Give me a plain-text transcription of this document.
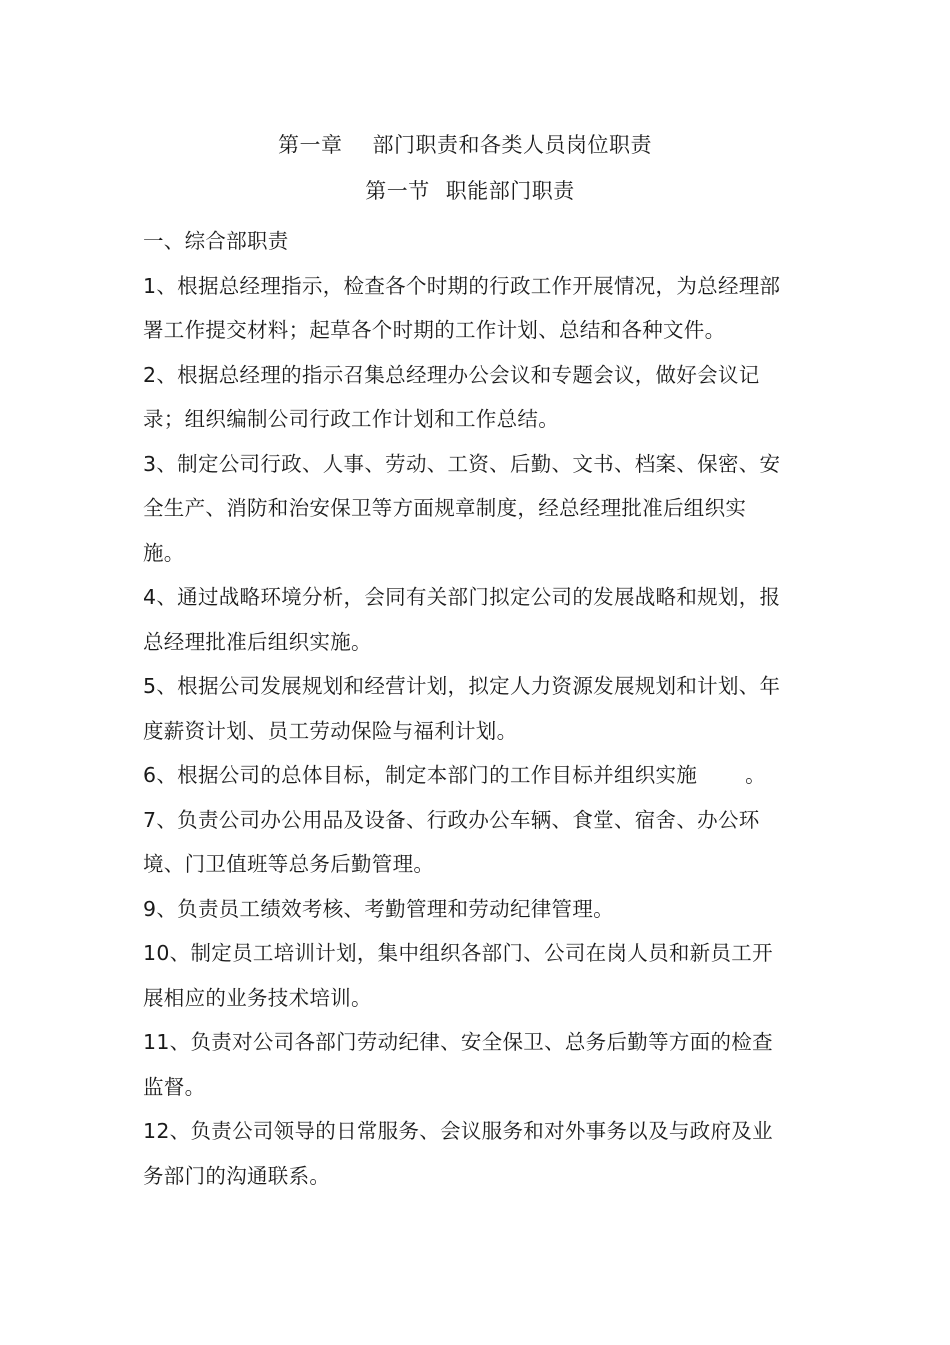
第一章 部门职责和各类人员岗位职责
第一节 职能部门职责

一、综合部职责

1、根据总经理指示，检查各个时期的行政工作开展情况，为总经理部署工作提交材料；起草各个时期的工作计划、总结和各种文件。

2、根据总经理的指示召集总经理办公会议和专题会议，做好会议记录；组织编制公司行政工作计划和工作总结。

3、制定公司行政、人事、劳动、工资、后勤、文书、档案、保密、安全生产、消防和治安保卫等方面规章制度，经总经理批准后组织实施。

4、通过战略环境分析，会同有关部门拟定公司的发展战略和规划，报总经理批准后组织实施。

5、根据公司发展规划和经营计划，拟定人力资源发展规划和计划、年度薪资计划、员工劳动保险与福利计划。

6、根据公司的总体目标，制定本部门的工作目标并组织实施 。

7、负责公司办公用品及设备、行政办公车辆、食堂、宿舍、办公环境、门卫值班等总务后勤管理。

9、负责员工绩效考核、考勤管理和劳动纪律管理。

10、制定员工培训计划，集中组织各部门、公司在岗人员和新员工开展相应的业务技术培训。

11、负责对公司各部门劳动纪律、安全保卫、总务后勤等方面的检查监督。

12、负责公司领导的日常服务、会议服务和对外事务以及与政府及业务部门的沟通联系。
